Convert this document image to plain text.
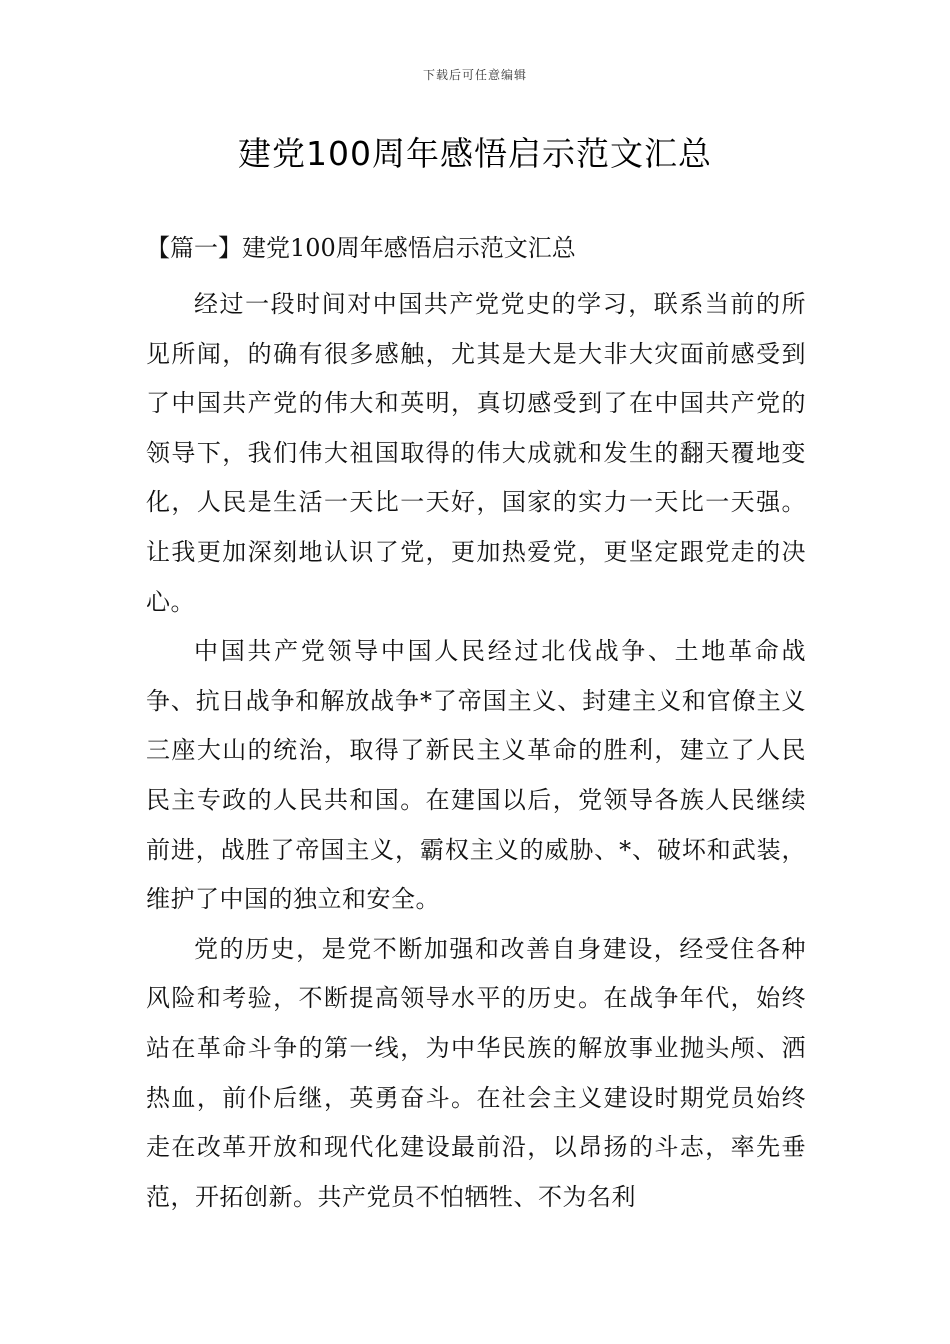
下载后可任意编辑
建党100周年感悟启示范文汇总
【篇一】建党100周年感悟启示范文汇总

经过一段时间对中国共产党党史的学习，联系当前的所见所闻，的确有很多感触，尤其是大是大非大灾面前感受到了中国共产党的伟大和英明，真切感受到了在中国共产党的领导下，我们伟大祖国取得的伟大成就和发生的翻天覆地变化，人民是生活一天比一天好，国家的实力一天比一天强。让我更加深刻地认识了党，更加热爱党，更坚定跟党走的决心。

中国共产党领导中国人民经过北伐战争、土地革命战争、抗日战争和解放战争*了帝国主义、封建主义和官僚主义三座大山的统治，取得了新民主义革命的胜利，建立了人民民主专政的人民共和国。在建国以后，党领导各族人民继续前进，战胜了帝国主义，霸权主义的威胁、*、破坏和武装，维护了中国的独立和安全。

党的历史，是党不断加强和改善自身建设，经受住各种风险和考验，不断提高领导水平的历史。在战争年代，始终站在革命斗争的第一线，为中华民族的解放事业抛头颅、洒热血，前仆后继，英勇奋斗。在社会主义建设时期党员始终走在改革开放和现代化建设最前沿，以昂扬的斗志，率先垂范，开拓创新。共产党员不怕牺牲、不为名利
